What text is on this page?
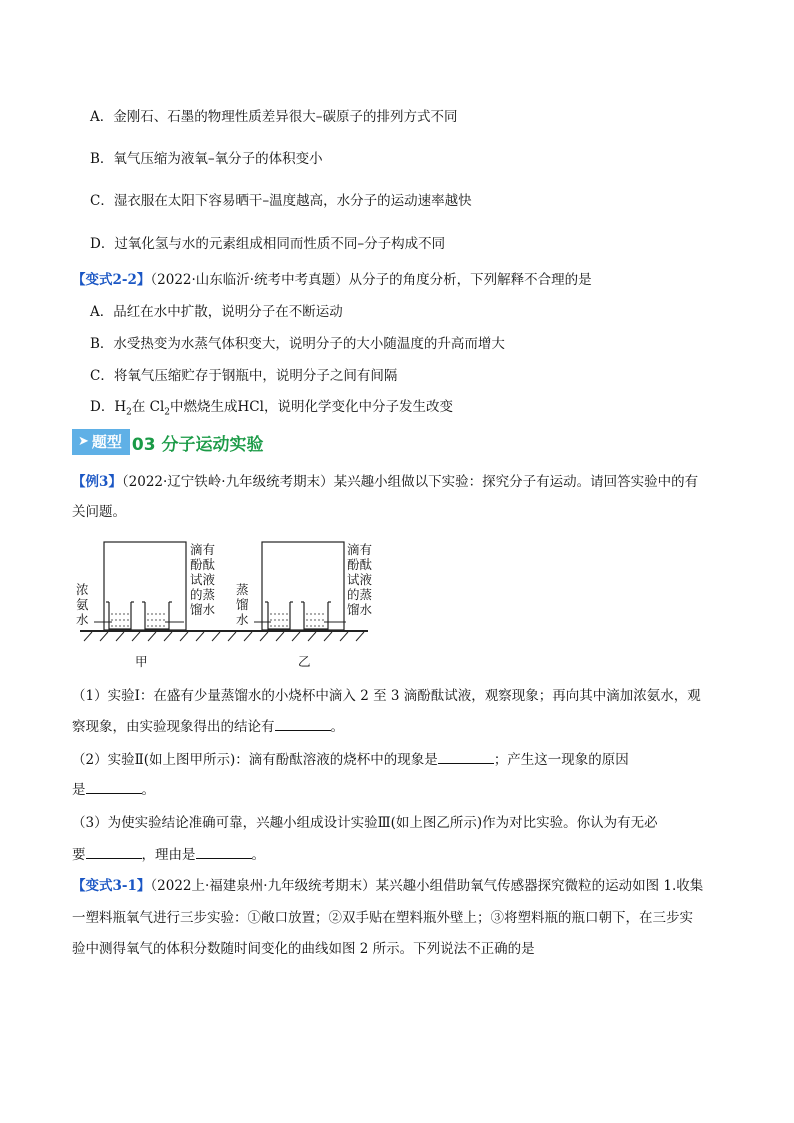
A．金刚石、石墨的物理性质差异很大–碳原子的排列方式不同
B．氧气压缩为液氧–氧分子的体积变小
C．湿衣服在太阳下容易晒干–温度越高，水分子的运动速率越快
D．过氧化氢与水的元素组成相同而性质不同–分子构成不同
【变式2-2】（2022·山东临沂·统考中考真题）从分子的角度分析，下列解释不合理的是
A．品红在水中扩散，说明分子在不断运动
B．水受热变为水蒸气体积变大，说明分子的大小随温度的升高而增大
C．将氧气压缩贮存于钢瓶中，说明分子之间有间隔
D．$H_2$在 $Cl_2$中燃烧生成HCl，说明化学变化中分子发生改变
➤ 题型 03 分子运动实验
【例3】（2022·辽宁铁岭·九年级统考期末）某兴趣小组做以下实验：探究分子有运动。请回答实验中的有
关问题。
浓
氨
水
滴有
酚酞
试液
的蒸
馏水
蒸
馏
水
滴有
酚酞
试液
的蒸
馏水
甲	乙
（1）实验Ⅰ：在盛有少量蒸馏水的小烧杯中滴入 2 至 3 滴酚酞试液，观察现象；再向其中滴加浓氨水，观
察现象，由实验现象得出的结论有	。
（2）实验Ⅱ(如上图甲所示)：滴有酚酞溶液的烧杯中的现象是	；产生这一现象的原因
是	。
（3）为使实验结论准确可靠，兴趣小组成设计实验Ⅲ(如上图乙所示)作为对比实验。你认为有无必
要	，理由是	。
【变式3-1】（2022上·福建泉州·九年级统考期末）某兴趣小组借助氧气传感器探究微粒的运动如图 1.收集
一塑料瓶氧气进行三步实验：①敞口放置；②双手贴在塑料瓶外壁上；③将塑料瓶的瓶口朝下，在三步实
验中测得氧气的体积分数随时间变化的曲线如图 2 所示。下列说法不正确的是
